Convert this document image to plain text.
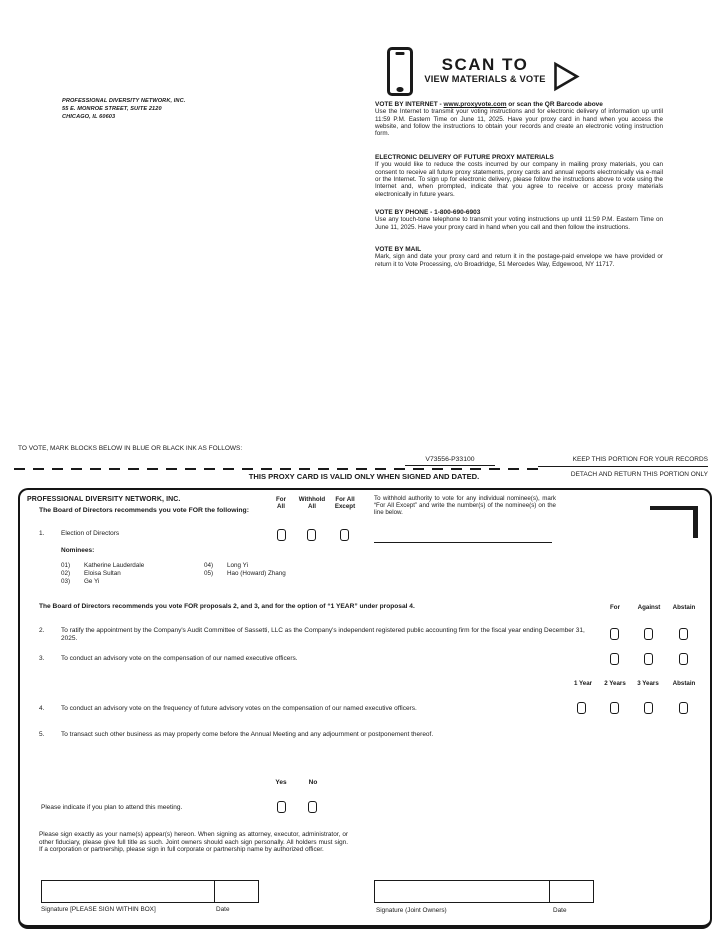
PROFESSIONAL DIVERSITY NETWORK, INC.
55 E. MONROE STREET, SUITE 2120
CHICAGO, IL 60603
SCAN TO
VIEW MATERIALS & VOTE
VOTE BY INTERNET - www.proxyvote.com or scan the QR Barcode above
Use the Internet to transmit your voting instructions and for electronic delivery of information up until 11:59 P.M. Eastern Time on June 11, 2025. Have your proxy card in hand when you access the website, and follow the instructions to obtain your records and create an electronic voting instruction form.
ELECTRONIC DELIVERY OF FUTURE PROXY MATERIALS
If you would like to reduce the costs incurred by our company in mailing proxy materials, you can consent to receive all future proxy statements, proxy cards and annual reports electronically via e-mail or the Internet. To sign up for electronic delivery, please follow the instructions above to vote using the Internet and, when prompted, indicate that you agree to receive or access proxy materials electronically in future years.
VOTE BY PHONE - 1-800-690-6903
Use any touch-tone telephone to transmit your voting instructions up until 11:59 P.M. Eastern Time on June 11, 2025. Have your proxy card in hand when you call and then follow the instructions.
VOTE BY MAIL
Mark, sign and date your proxy card and return it in the postage-paid envelope we have provided or return it to Vote Processing, c/o Broadridge, 51 Mercedes Way, Edgewood, NY 11717.
TO VOTE, MARK BLOCKS BELOW IN BLUE OR BLACK INK AS FOLLOWS:
V73556-P33100	KEEP THIS PORTION FOR YOUR RECORDS
THIS PROXY CARD IS VALID ONLY WHEN SIGNED AND DATED.	DETACH AND RETURN THIS PORTION ONLY
PROFESSIONAL DIVERSITY NETWORK, INC.
The Board of Directors recommends you vote FOR the following:
For
All
Withhold
All
For All
Except
To withhold authority to vote for any individual nominee(s), mark “For All Except” and write the number(s) of the nominee(s) on the line below.
1.	Election of Directors
Nominees:
01) Katherine Lauderdale
02) Eloisa Sultan
03) Ge Yi
04) Long Yi
05) Hao (Howard) Zhang
The Board of Directors recommends you vote FOR proposals 2, and 3, and for the option of “1 YEAR” under proposal 4.	For	Against	Abstain
2.	To ratify the appointment by the Company's Audit Committee of Sassetti, LLC as the Company's independent registered public accounting firm for the fiscal year ending December 31, 2025.
3.	To conduct an advisory vote on the compensation of our named executive officers.
1 Year	2 Years	3 Years	Abstain
4.	To conduct an advisory vote on the frequency of future advisory votes on the compensation of our named executive officers.
5.	To transact such other business as may properly come before the Annual Meeting and any adjournment or postponement thereof.
Yes	No
Please indicate if you plan to attend this meeting.
Please sign exactly as your name(s) appear(s) hereon. When signing as attorney, executor, administrator, or other fiduciary, please give full title as such. Joint owners should each sign personally. All holders must sign. If a corporation or partnership, please sign in full corporate or partnership name by authorized officer.
Signature [PLEASE SIGN WITHIN BOX]	Date	Signature (Joint Owners)	Date
